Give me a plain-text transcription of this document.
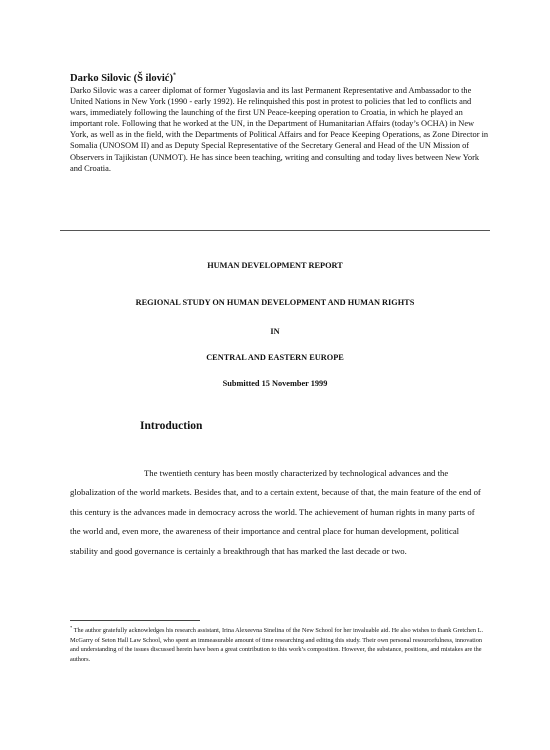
Darko Silovic (Š ilović)*

Darko Silovic was a career diplomat of former Yugoslavia and its last Permanent Representative and Ambassador to the United Nations in New York (1990 - early 1992). He relinquished this post in protest to policies that led to conflicts and wars, immediately following the launching of the first UN Peace-keeping operation to Croatia, in which he played an important role. Following that he worked at the UN, in the Department of Humanitarian Affairs (today’s OCHA) in New York, as well as in the field, with the Departments of Political Affairs and for Peace Keeping Operations, as Zone Director in Somalia (UNOSOM II) and as Deputy Special Representative of the Secretary General and Head of the UN Mission of Observers in Tajikistan (UNMOT). He has since been teaching, writing and consulting and today lives between New York and Croatia.

HUMAN DEVELOPMENT REPORT
REGIONAL STUDY ON HUMAN DEVELOPMENT AND HUMAN RIGHTS
IN
CENTRAL AND EASTERN EUROPE
Submitted 15 November 1999
Introduction

The twentieth century has been mostly characterized by technological advances and the globalization of the world markets. Besides that, and to a certain extent, because of that, the main feature of the end of this century is the advances made in democracy across the world. The achievement of human rights in many parts of the world and, even more, the awareness of their importance and central place for human development, political stability and good governance is certainly a breakthrough that has marked the last decade or two.

* The author gratefully acknowledges his research assistant, Irina Alexeevna Sinelina of the New School for her invaluable aid. He also wishes to thank Gretchen L. McGarry of Seton Hall Law School, who spent an immeasurable amount of time researching and editing this study. Their own personal resourcefulness, innovation and understanding of the issues discussed herein have been a great contribution to this work’s composition. However, the substance, positions, and mistakes are the authors.
